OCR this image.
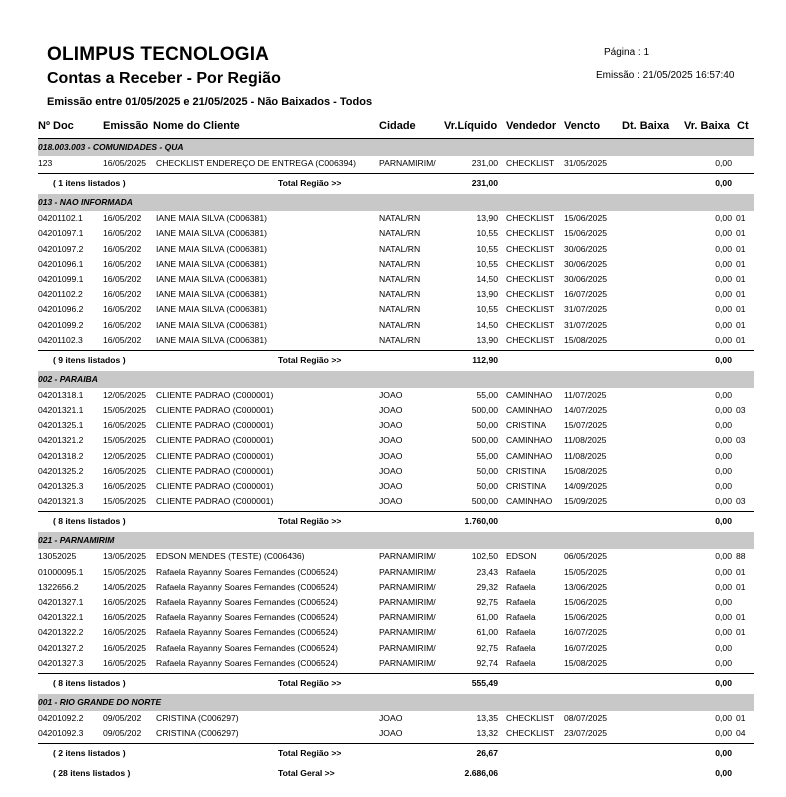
OLIMPUS TECNOLOGIA
Contas a Receber - Por Região
Emissão entre 01/05/2025 e 21/05/2025 - Não Baixados - Todos
Página : 1
Emissão : 21/05/2025 16:57:40
Nº Doc	Emissão Nome do Cliente	Cidade	Vr.Líquido Vendedor Vencto Dt. Baixa Vr. Baixa Ct
018.003.003 - COMUNIDADES - QUA
123	16/05/2025	CHECKLIST ENDEREÇO DE ENTREGA (C006394)	PARNAMIRIM/	231,00 CHECKLIST	31/05/2025	0,00
( 1 itens listados )	Total Região >>	231,00	0,00
013 - NAO INFORMADA
04201102.1	16/05/202	IANE MAIA SILVA (C006381)	NATAL/RN	13,90 CHECKLIST	15/06/2025	0,00 01
04201097.1	16/05/202	IANE MAIA SILVA (C006381)	NATAL/RN	10,55 CHECKLIST	15/06/2025	0,00 01
04201097.2	16/05/202	IANE MAIA SILVA (C006381)	NATAL/RN	10,55 CHECKLIST	30/06/2025	0,00 01
04201096.1	16/05/202	IANE MAIA SILVA (C006381)	NATAL/RN	10,55 CHECKLIST	30/06/2025	0,00 01
04201099.1	16/05/202	IANE MAIA SILVA (C006381)	NATAL/RN	14,50 CHECKLIST	30/06/2025	0,00 01
04201102.2	16/05/202	IANE MAIA SILVA (C006381)	NATAL/RN	13,90 CHECKLIST	16/07/2025	0,00 01
04201096.2	16/05/202	IANE MAIA SILVA (C006381)	NATAL/RN	10,55 CHECKLIST	31/07/2025	0,00 01
04201099.2	16/05/202	IANE MAIA SILVA (C006381)	NATAL/RN	14,50 CHECKLIST	31/07/2025	0,00 01
04201102.3	16/05/202	IANE MAIA SILVA (C006381)	NATAL/RN	13,90 CHECKLIST	15/08/2025	0,00 01
( 9 itens listados )	Total Região >>	112,90	0,00
002 - PARAIBA
04201318.1	12/05/2025	CLIENTE PADRAO (C000001)	JOAO	55,00 CAMINHAO	11/07/2025	0,00
04201321.1	15/05/2025	CLIENTE PADRAO (C000001)	JOAO	500,00 CAMINHAO	14/07/2025	0,00 03
04201325.1	16/05/2025	CLIENTE PADRAO (C000001)	JOAO	50,00 CRISTINA	15/07/2025	0,00
04201321.2	15/05/2025	CLIENTE PADRAO (C000001)	JOAO	500,00 CAMINHAO	11/08/2025	0,00 03
04201318.2	12/05/2025	CLIENTE PADRAO (C000001)	JOAO	55,00 CAMINHAO	11/08/2025	0,00
04201325.2	16/05/2025	CLIENTE PADRAO (C000001)	JOAO	50,00 CRISTINA	15/08/2025	0,00
04201325.3	16/05/2025	CLIENTE PADRAO (C000001)	JOAO	50,00 CRISTINA	14/09/2025	0,00
04201321.3	15/05/2025	CLIENTE PADRAO (C000001)	JOAO	500,00 CAMINHAO	15/09/2025	0,00 03
( 8 itens listados )	Total Região >>	1.760,00	0,00
021 - PARNAMIRIM
13052025	13/05/2025	EDSON MENDES (TESTE) (C006436)	PARNAMIRIM/	102,50 EDSON	06/05/2025	0,00 88
01000095.1	15/05/2025	Rafaela Rayanny Soares Fernandes (C006524)	PARNAMIRIM/	23,43 Rafaela	15/05/2025	0,00 01
1322656.2	14/05/2025	Rafaela Rayanny Soares Fernandes (C006524)	PARNAMIRIM/	29,32 Rafaela	13/06/2025	0,00 01
04201327.1	16/05/2025	Rafaela Rayanny Soares Fernandes (C006524)	PARNAMIRIM/	92,75 Rafaela	15/06/2025	0,00
04201322.1	16/05/2025	Rafaela Rayanny Soares Fernandes (C006524)	PARNAMIRIM/	61,00 Rafaela	15/06/2025	0,00 01
04201322.2	16/05/2025	Rafaela Rayanny Soares Fernandes (C006524)	PARNAMIRIM/	61,00 Rafaela	16/07/2025	0,00 01
04201327.2	16/05/2025	Rafaela Rayanny Soares Fernandes (C006524)	PARNAMIRIM/	92,75 Rafaela	16/07/2025	0,00
04201327.3	16/05/2025	Rafaela Rayanny Soares Fernandes (C006524)	PARNAMIRIM/	92,74 Rafaela	15/08/2025	0,00
( 8 itens listados )	Total Região >>	555,49	0,00
001 - RIO GRANDE DO NORTE
04201092.2	09/05/202	CRISTINA (C006297)	JOAO	13,35 CHECKLIST	08/07/2025	0,00 01
04201092.3	09/05/202	CRISTINA (C006297)	JOAO	13,32 CHECKLIST	23/07/2025	0,00 04
( 2 itens listados )	Total Região >>	26,67	0,00
( 28 itens listados )	Total Geral >>	2.686,06	0,00
